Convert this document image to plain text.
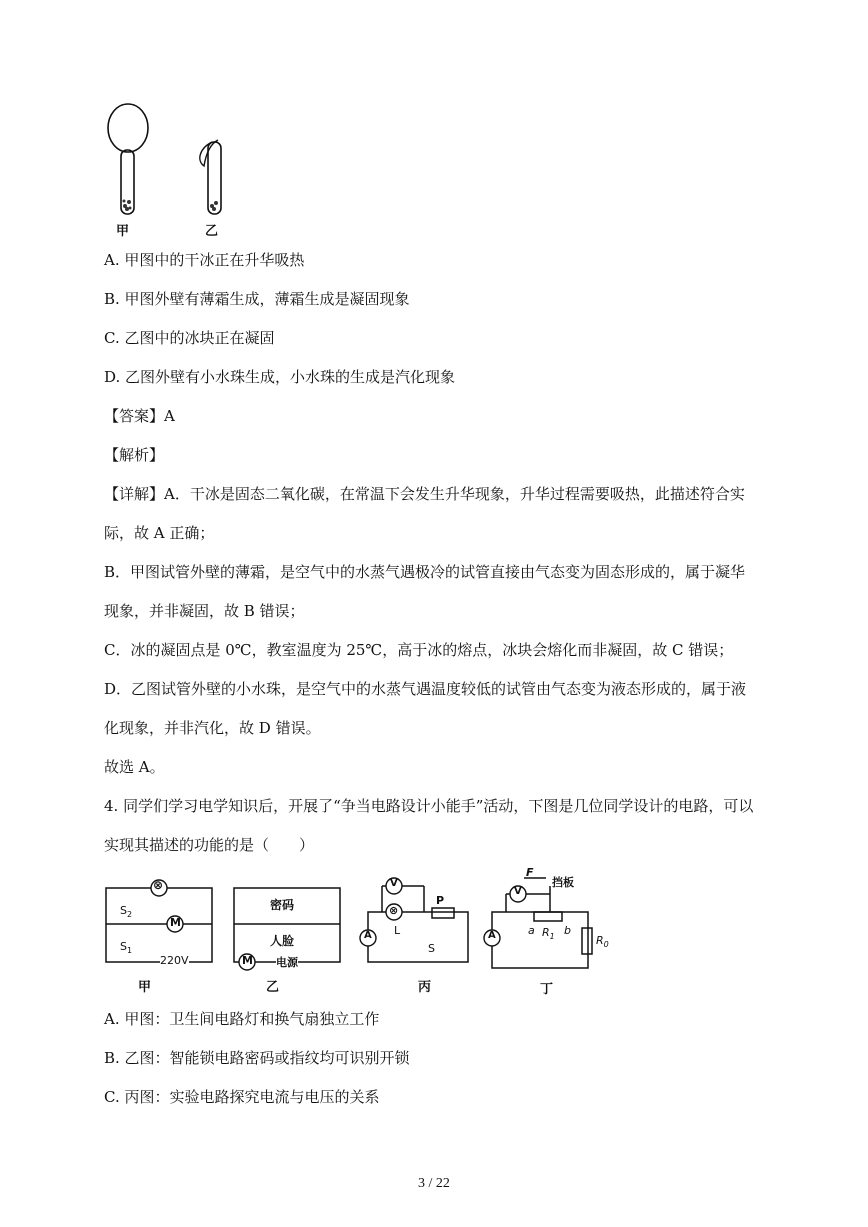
甲	乙
A. 甲图中的干冰正在升华吸热
B. 甲图外壁有薄霜生成，薄霜生成是凝固现象
C. 乙图中的冰块正在凝固
D. 乙图外壁有小水珠生成，小水珠的生成是汽化现象
【答案】A
【解析】
【详解】A．干冰是固态二氧化碳，在常温下会发生升华现象，升华过程需要吸热，此描述符合实
际，故 A 正确；
B．甲图试管外壁的薄霜，是空气中的水蒸气遇极冷的试管直接由气态变为固态形成的，属于凝华
现象，并非凝固，故 B 错误；
C．冰的凝固点是 0℃，教室温度为 25℃，高于冰的熔点，冰块会熔化而非凝固，故 C 错误；
D．乙图试管外壁的小水珠，是空气中的水蒸气遇温度较低的试管由气态变为液态形成的，属于液
化现象，并非汽化，故 D 错误。
故选 A。
4. 同学们学习电学知识后，开展了“争当电路设计小能手”活动，下图是几位同学设计的电路，可以
实现其描述的功能的是（　　）
⊗
M
$S_2$
$S_1$
220V
甲
密码
人脸
M 电源
乙
V
⊗
A L
S
P
丙
F
挡板
V
A	a	b
$R_1$	$R_0$
丁
A. 甲图：卫生间电路灯和换气扇独立工作
B. 乙图：智能锁电路密码或指纹均可识别开锁
C. 丙图：实验电路探究电流与电压的关系
3 / 22
